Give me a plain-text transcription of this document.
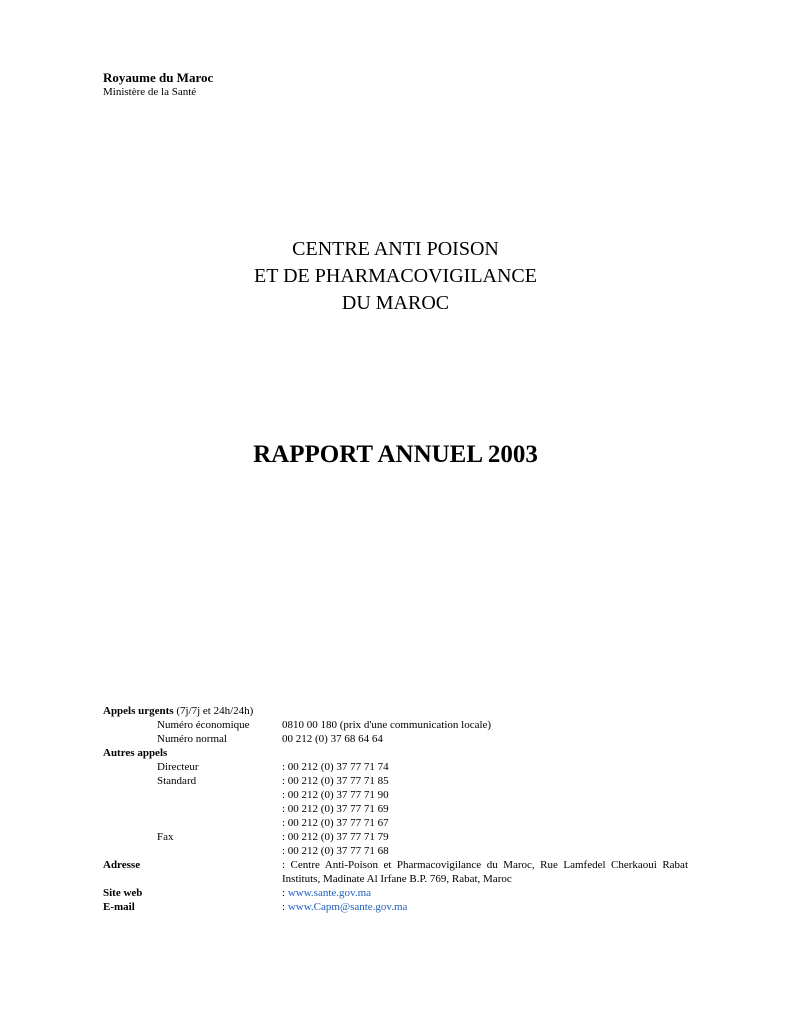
Royaume du Maroc
Ministère de la Santé
CENTRE ANTI POISON
ET DE PHARMACOVIGILANCE
DU MAROC
RAPPORT ANNUEL 2003
Appels urgents (7j/7j et 24h/24h)
Numéro économique	0810 00 180 (prix d'une communication locale)
Numéro normal	00 212 (0) 37 68 64 64
Autres appels
Directeur	: 00 212 (0) 37 77 71 74
Standard	: 00 212 (0) 37 77 71 85
: 00 212 (0) 37 77 71 90
: 00 212 (0) 37 77 71 69
: 00 212 (0) 37 77 71 67
Fax	: 00 212 (0) 37 77 71 79
: 00 212 (0) 37 77 71 68
Adresse	: Centre Anti-Poison et Pharmacovigilance du Maroc, Rue Lamfedel Cherkaoui Rabat Instituts, Madinate Al Irfane B.P. 769, Rabat, Maroc
Site web	: www.sante.gov.ma
E-mail	: www.Capm@sante.gov.ma
